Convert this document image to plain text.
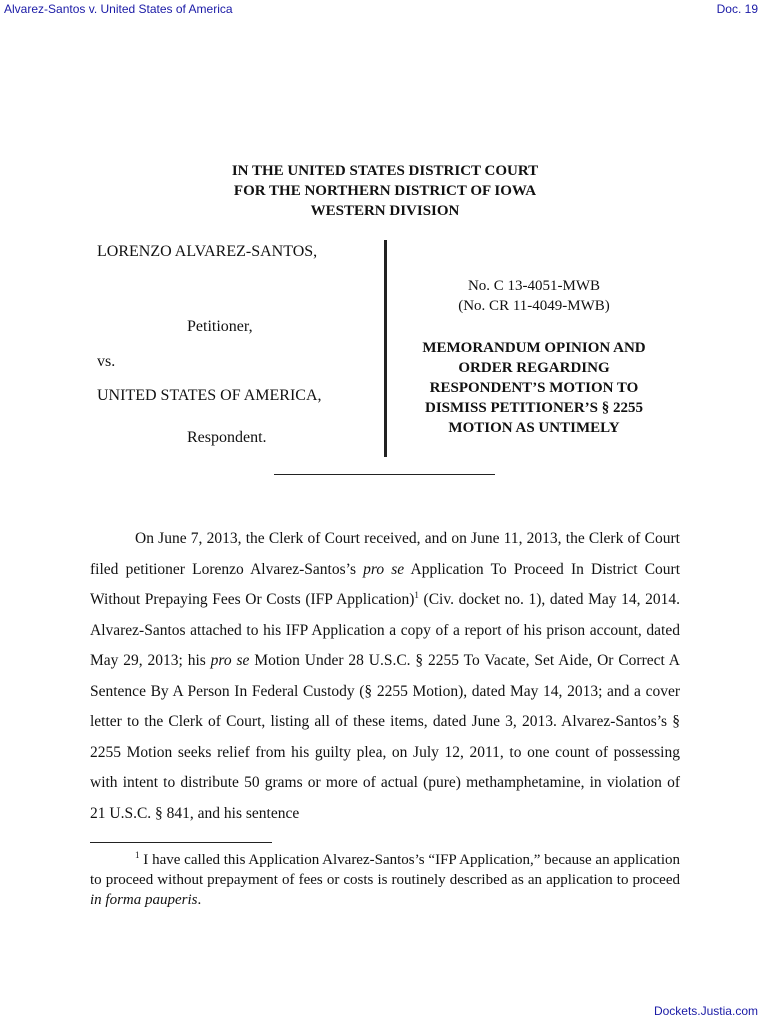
Alvarez-Santos v. United States of America	Doc. 19
IN THE UNITED STATES DISTRICT COURT
FOR THE NORTHERN DISTRICT OF IOWA
WESTERN DIVISION
LORENZO ALVAREZ-SANTOS,
Petitioner,
vs.
UNITED STATES OF AMERICA,
Respondent.
No. C 13-4051-MWB
(No. CR 11-4049-MWB)
MEMORANDUM OPINION AND
ORDER REGARDING
RESPONDENT’S MOTION TO
DISMISS PETITIONER’S § 2255
MOTION AS UNTIMELY

On June 7, 2013, the Clerk of Court received, and on June 11, 2013, the Clerk of Court filed petitioner Lorenzo Alvarez-Santos’s pro se Application To Proceed In District Court Without Prepaying Fees Or Costs (IFP Application)$^1$ (Civ. docket no. 1), dated May 14, 2014. Alvarez-Santos attached to his IFP Application a copy of a report of his prison account, dated May 29, 2013; his pro se Motion Under 28 U.S.C. § 2255 To Vacate, Set Aide, Or Correct A Sentence By A Person In Federal Custody (§ 2255 Motion), dated May 14, 2013; and a cover letter to the Clerk of Court, listing all of these items, dated June 3, 2013. Alvarez-Santos’s § 2255 Motion seeks relief from his guilty plea, on July 12, 2011, to one count of possessing with intent to distribute 50 grams or more of actual (pure) methamphetamine, in violation of 21 U.S.C. § 841, and his sentence

$^1$ I have called this Application Alvarez-Santos’s “IFP Application,” because an application to proceed without prepayment of fees or costs is routinely described as an application to proceed in forma pauperis.

Dockets.Justia.com
